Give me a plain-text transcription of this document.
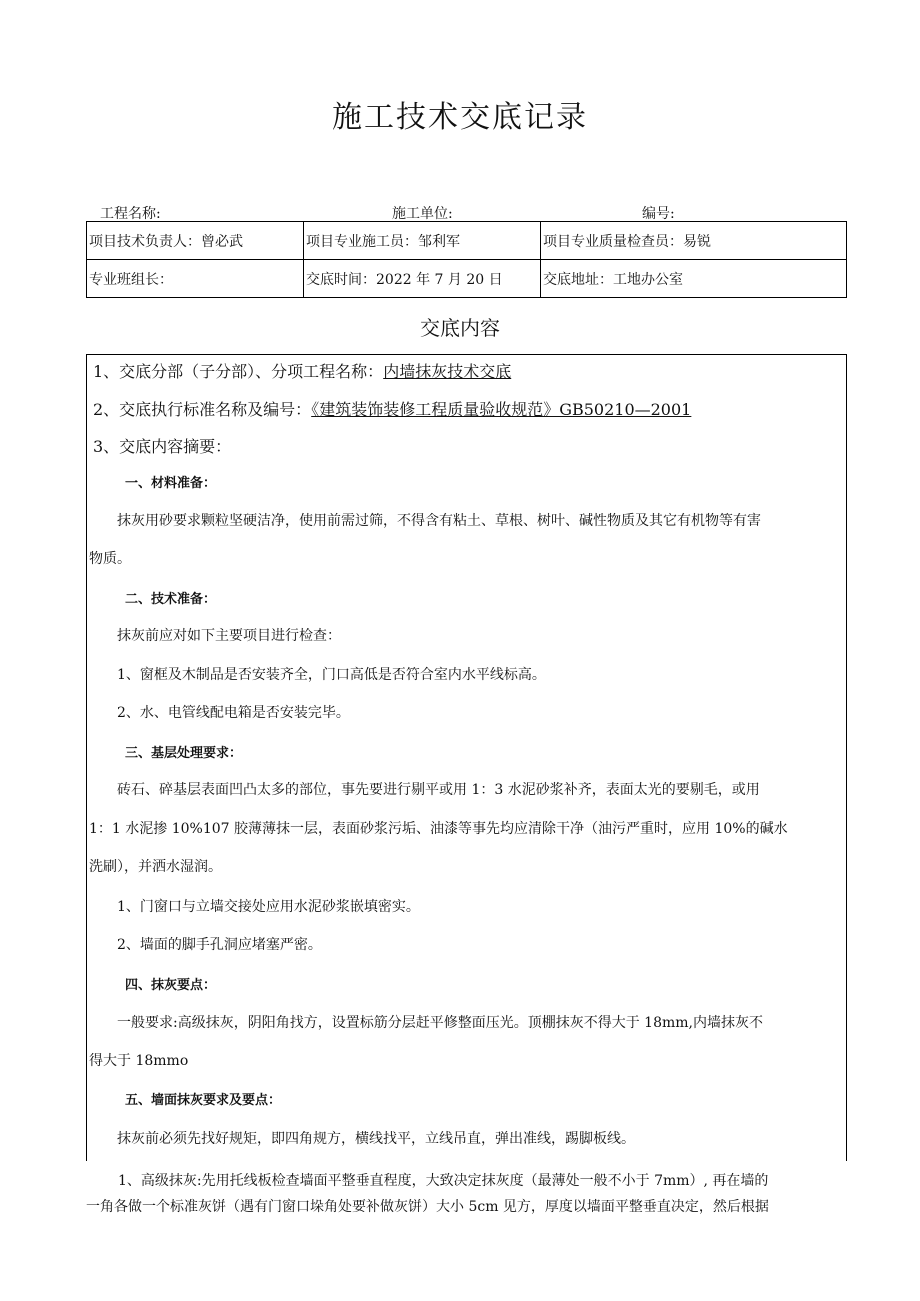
施工技术交底记录
工程名称:	施工单位:	编号:
项目技术负责人：曾必武	项目专业施工员：邹利军	项目专业质量检查员：易锐
专业班组长：	交底时间：2022 年 7 月 20 日	交底地址：工地办公室
交底内容
1、交底分部（子分部）、分项工程名称：内墙抹灰技术交底
2、交底执行标准名称及编号：《建筑装饰装修工程质量验收规范》GB50210—2001
3、交底内容摘要：
一、材料准备：
抹灰用砂要求颗粒坚硬洁净，使用前需过筛，不得含有粘土、草根、树叶、碱性物质及其它有机物等有害
物质。
二、技术准备：
抹灰前应对如下主要项目进行检查：
1、窗框及木制品是否安装齐全，门口高低是否符合室内水平线标高。
2、水、电管线配电箱是否安装完毕。
三、基层处理要求：
砖石、碎基层表面凹凸太多的部位，事先要进行剔平或用 1：3 水泥砂浆补齐，表面太光的要剔毛，或用
1：1 水泥掺 10%107 胶薄薄抹一层，表面砂浆污垢、油漆等事先均应清除干净（油污严重时，应用 10%的碱水
洗刷），并洒水湿润。
1、门窗口与立墙交接处应用水泥砂浆嵌填密实。
2、墙面的脚手孔洞应堵塞严密。
四、抹灰要点：
一般要求:高级抹灰，阴阳角找方，设置标筋分层赶平修整面压光。顶棚抹灰不得大于 18mm,内墙抹灰不
得大于 18mmo
五、墙面抹灰要求及要点：
抹灰前必须先找好规矩，即四角规方，横线找平，立线吊直，弹出准线，踢脚板线。
1、高级抹灰:先用托线板检查墙面平整垂直程度，大致决定抹灰度（最薄处一般不小于 7mm）, 再在墙的
一角各做一个标准灰饼（遇有门窗口垛角处要补做灰饼）大小 5cm 见方，厚度以墙面平整垂直决定，然后根据
